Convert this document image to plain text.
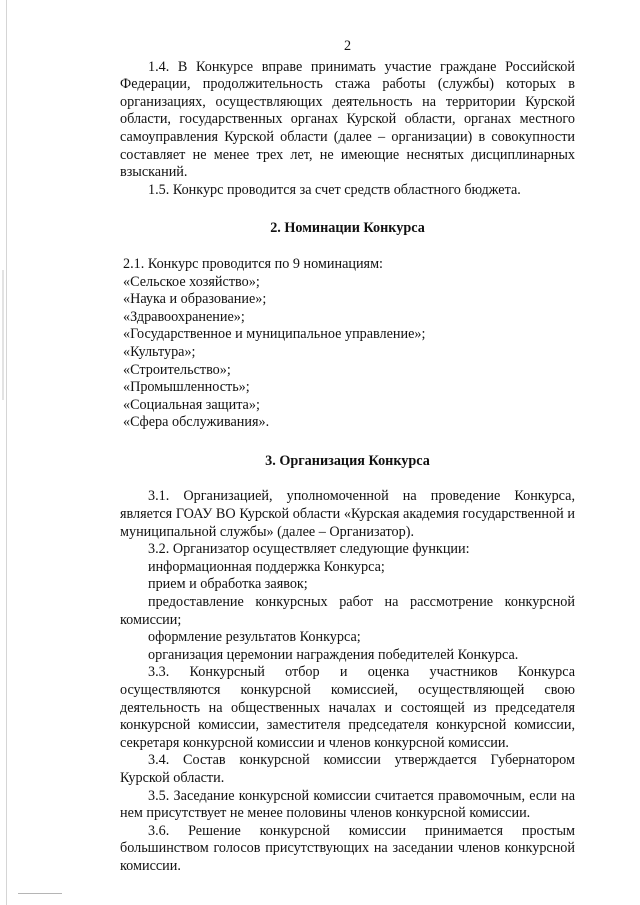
2

1.4. В Конкурсе вправе принимать участие граждане Российской Федерации, продолжительность стажа работы (службы) которых в организациях, осуществляющих деятельность на территории Курской области, государственных органах Курской области, органах местного самоуправления Курской области (далее – организации) в совокупности составляет не менее трех лет, не имеющие неснятых дисциплинарных взысканий.

1.5. Конкурс проводится за счет средств областного бюджета.

2. Номинации Конкурса

2.1. Конкурс проводится по 9 номинациям:

«Сельское хозяйство»;

«Наука и образование»;

«Здравоохранение»;

«Государственное и муниципальное управление»;

«Культура»;

«Строительство»;

«Промышленность»;

«Социальная защита»;

«Сфера обслуживания».

3. Организация Конкурса

3.1. Организацией, уполномоченной на проведение Конкурса, является ГОАУ ВО Курской области «Курская академия государственной и муниципальной службы» (далее – Организатор).

3.2. Организатор осуществляет следующие функции:

информационная поддержка Конкурса;

прием и обработка заявок;

предоставление конкурсных работ на рассмотрение конкурсной комиссии;

оформление результатов Конкурса;

организация церемонии награждения победителей Конкурса.

3.3. Конкурсный отбор и оценка участников Конкурса осуществляются конкурсной комиссией, осуществляющей свою деятельность на общественных началах и состоящей из председателя конкурсной комиссии, заместителя председателя конкурсной комиссии, секретаря конкурсной комиссии и членов конкурсной комиссии.

3.4. Состав конкурсной комиссии утверждается Губернатором Курской области.

3.5. Заседание конкурсной комиссии считается правомочным, если на нем присутствует не менее половины членов конкурсной комиссии.

3.6. Решение конкурсной комиссии принимается простым большинством голосов присутствующих на заседании членов конкурсной комиссии.
